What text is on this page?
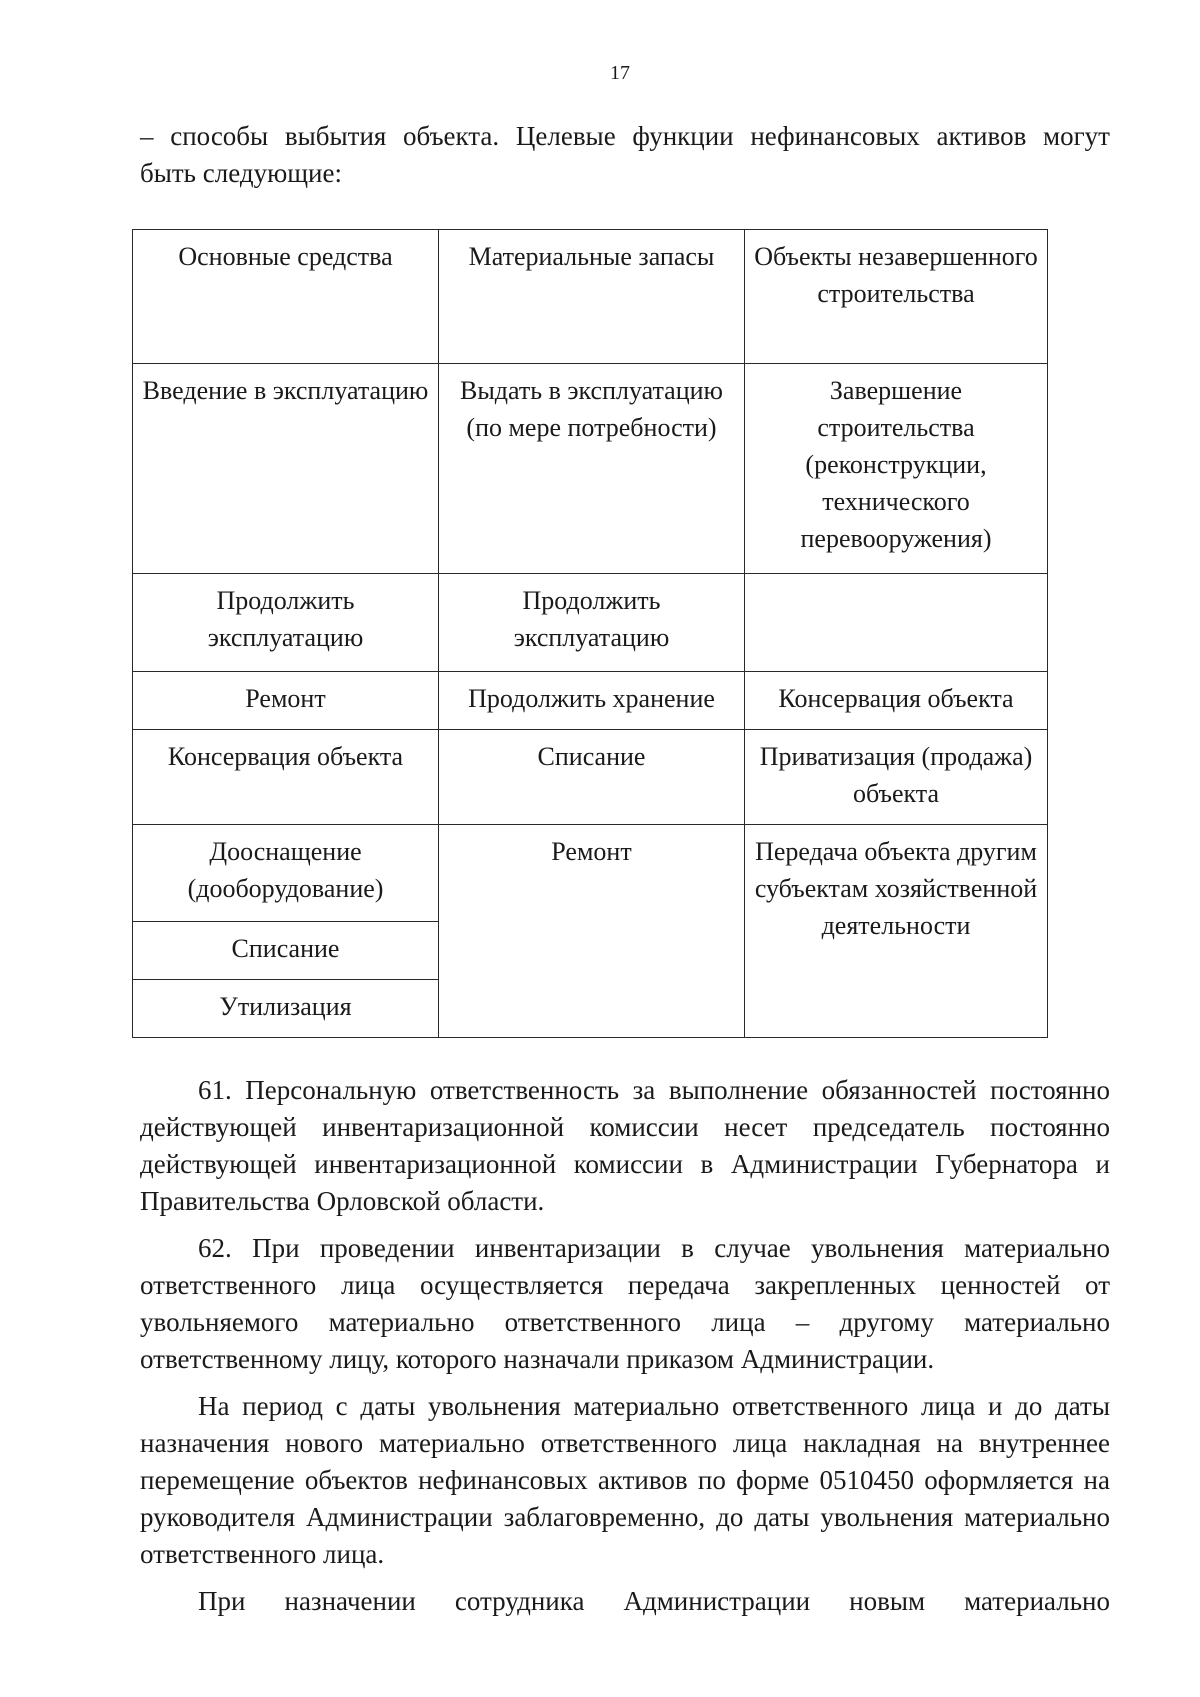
17
– способы выбытия объекта. Целевые функции нефинансовых активов могут
быть следующие:
Основные средства	Материальные запасы	Объекты незавершенного строительства
Введение в эксплуатацию	Выдать в эксплуатацию (по мере потребности)	Завершение строительства (реконструкции, технического перевооружения)
Продолжить эксплуатацию	Продолжить эксплуатацию	
Ремонт	Продолжить хранение	Консервация объекта
Консервация объекта	Списание	Приватизация (продажа) объекта
Дооснащение (дооборудование)	Ремонт	Передача объекта другим субъектам хозяйственной деятельности
Списание		
Утилизация		

61. Персональную ответственность за выполнение обязанностей постоянно действующей инвентаризационной комиссии несет председатель постоянно действующей инвентаризационной комиссии в Администрации Губернатора и Правительства Орловской области.

62. При проведении инвентаризации в случае увольнения материально ответственного лица осуществляется передача закрепленных ценностей от увольняемого материально ответственного лица – другому материально ответственному лицу, которого назначали приказом Администрации.

На период с даты увольнения материально ответственного лица и до даты назначения нового материально ответственного лица накладная на внутреннее перемещение объектов нефинансовых активов по форме 0510450 оформляется на руководителя Администрации заблаговременно, до даты увольнения материально ответственного лица.

При назначении сотрудника Администрации новым материально
